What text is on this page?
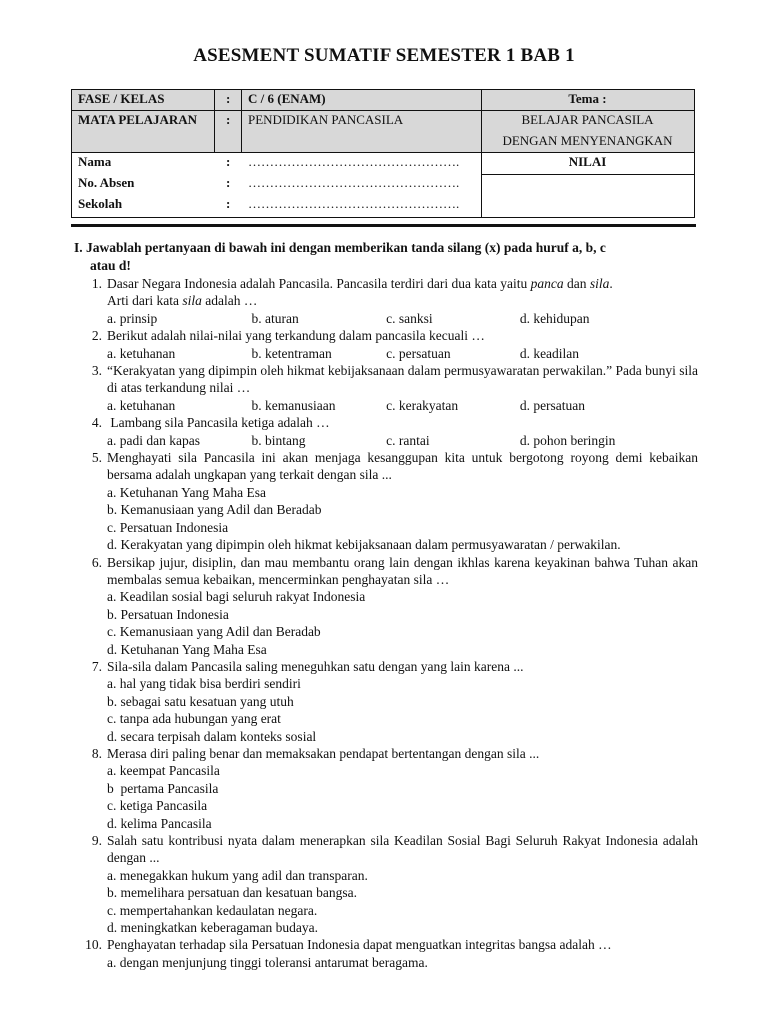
ASESMENT SUMATIF SEMESTER 1 BAB 1
FASE / KELAS	: C / 6 (ENAM)	Tema :
MATA PELAJARAN : PENDIDIKAN PANCASILA	BELAJAR PANCASILA
DENGAN MENYENANGKAN
Nama	: ………………………………………….	NILAI
No. Absen	: ………………………………………….
Sekolah	: ………………………………………….
I. Jawablah pertanyaan di bawah ini dengan memberikan tanda silang (x) pada huruf a, b, c
atau d!
1. Dasar Negara Indonesia adalah Pancasila. Pancasila terdiri dari dua kata yaitu panca dan sila.
Arti dari kata sila adalah …
a. prinsip	b. aturan	c. sanksi	d. kehidupan
2. Berikut adalah nilai-nilai yang terkandung dalam pancasila kecuali …
a. ketuhanan	b. ketentraman	c. persatuan	d. keadilan
3. “Kerakyatan yang dipimpin oleh hikmat kebijaksanaan dalam permusyawaratan perwakilan.” Pada bunyi sila di atas terkandung nilai …
a. ketuhanan	b. kemanusiaan	c. kerakyatan	d. persatuan
4. Lambang sila Pancasila ketiga adalah …
a. padi dan kapas	b. bintang	c. rantai	d. pohon beringin
5. Menghayati sila Pancasila ini akan menjaga kesanggupan kita untuk bergotong royong demi kebaikan bersama adalah ungkapan yang terkait dengan sila ...
a. Ketuhanan Yang Maha Esa
b. Kemanusiaan yang Adil dan Beradab
c. Persatuan Indonesia
d. Kerakyatan yang dipimpin oleh hikmat kebijaksanaan dalam permusyawaratan / perwakilan.
6. Bersikap jujur, disiplin, dan mau membantu orang lain dengan ikhlas karena keyakinan bahwa Tuhan akan membalas semua kebaikan, mencerminkan penghayatan sila …
a. Keadilan sosial bagi seluruh rakyat Indonesia
b. Persatuan Indonesia
c. Kemanusiaan yang Adil dan Beradab
d. Ketuhanan Yang Maha Esa
7. Sila-sila dalam Pancasila saling meneguhkan satu dengan yang lain karena ...
a. hal yang tidak bisa berdiri sendiri
b. sebagai satu kesatuan yang utuh
c. tanpa ada hubungan yang erat
d. secara terpisah dalam konteks sosial
8. Merasa diri paling benar dan memaksakan pendapat bertentangan dengan sila ...
a. keempat Pancasila
b  pertama Pancasila
c. ketiga Pancasila
d. kelima Pancasila
9. Salah satu kontribusi nyata dalam menerapkan sila Keadilan Sosial Bagi Seluruh Rakyat Indonesia adalah dengan ...
a. menegakkan hukum yang adil dan transparan.
b. memelihara persatuan dan kesatuan bangsa.
c. mempertahankan kedaulatan negara.
d. meningkatkan keberagaman budaya.
10. Penghayatan terhadap sila Persatuan Indonesia dapat menguatkan integritas bangsa adalah …
a. dengan menjunjung tinggi toleransi antarumat beragama.
